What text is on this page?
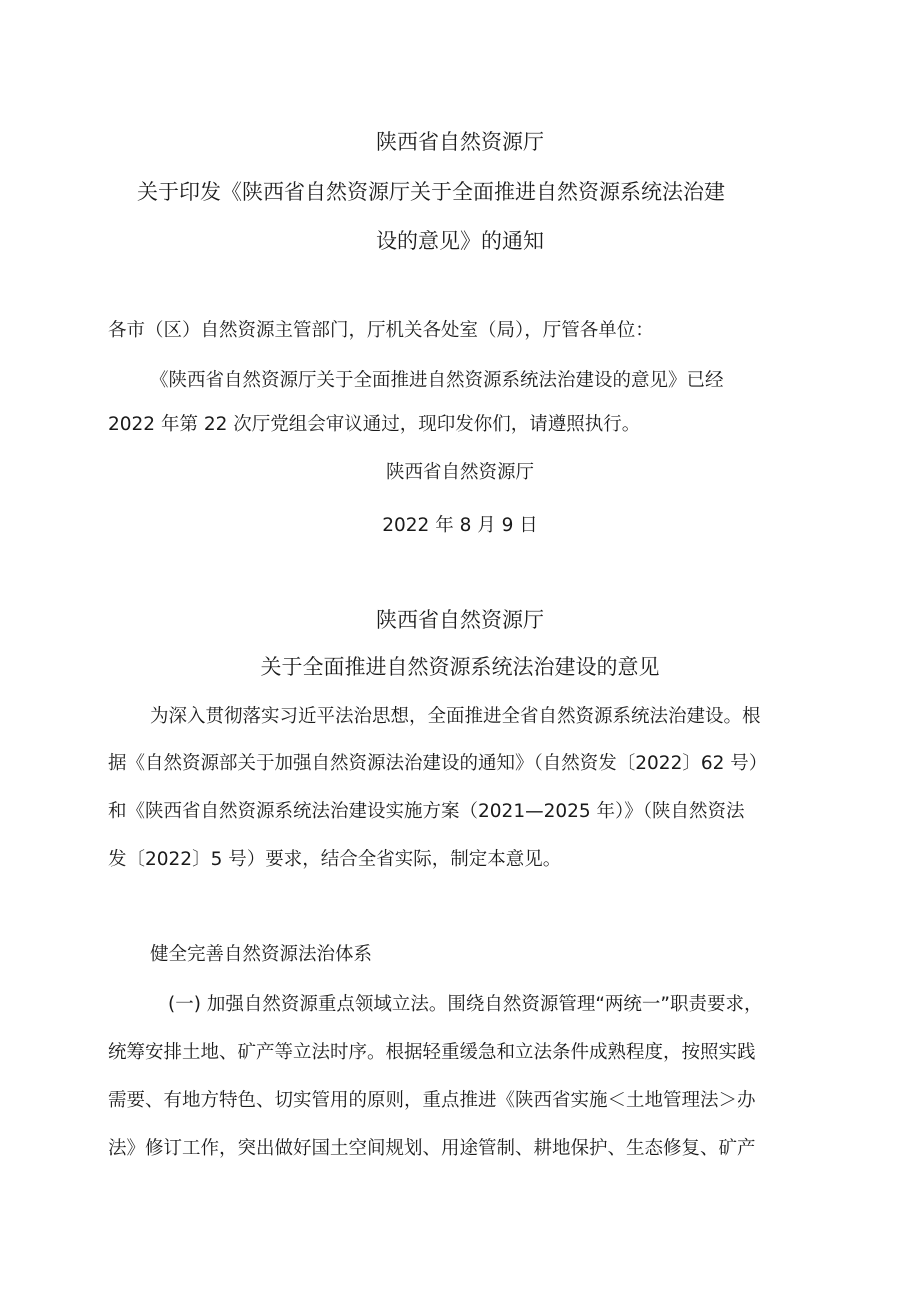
陕西省自然资源厅
关于印发《陕西省自然资源厅关于全面推进自然资源系统法治建
设的意见》的通知
各市（区）自然资源主管部门，厅机关各处室（局），厅管各单位：
《陕西省自然资源厅关于全面推进自然资源系统法治建设的意见》已经
2022 年第 22 次厅党组会审议通过，现印发你们，请遵照执行。
陕西省自然资源厅
2022 年 8 月 9 日
陕西省自然资源厅
关于全面推进自然资源系统法治建设的意见
为深入贯彻落实习近平法治思想，全面推进全省自然资源系统法治建设。根
据《自然资源部关于加强自然资源法治建设的通知》（自然资发〔2022〕62 号）
和《陕西省自然资源系统法治建设实施方案（2021—2025 年）》（陕自然资法
发〔2022〕5 号）要求，结合全省实际，制定本意见。
健全完善自然资源法治体系
(一) 加强自然资源重点领域立法。围绕自然资源管理“两统一”职责要求，
统筹安排土地、矿产等立法时序。根据轻重缓急和立法条件成熟程度，按照实践
需要、有地方特色、切实管用的原则，重点推进《陕西省实施＜土地管理法＞办
法》修订工作，突出做好国土空间规划、用途管制、耕地保护、生态修复、矿产
